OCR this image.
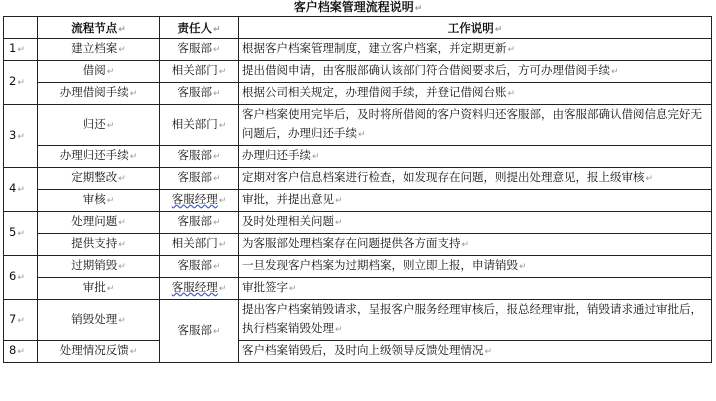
客户档案管理流程说明↵
	流程节点↵	责任人↵	工作说明↵
1↵	建立档案↵	客服部↵	根据客户档案管理制度，建立客户档案，并定期更新↵
2↵	借阅↵	相关部门↵	提出借阅申请，由客服部确认该部门符合借阅要求后，方可办理借阅手续↵
	办理借阅手续↵	客服部↵	根据公司相关规定，办理借阅手续，并登记借阅台账↵
3↵	归还↵	相关部门↵	客户档案使用完毕后，及时将所借阅的客户资料归还客服部，由客服部确认借阅信息完好无问题后，办理归还手续↵
	办理归还手续↵	客服部↵	办理归还手续↵
4↵	定期整改↵	客服部↵	定期对客户信息档案进行检查，如发现存在问题，则提出处理意见，报上级审核↵
	审核↵	客服经理↵	审批，并提出意见↵
5↵	处理问题↵	客服部↵	及时处理相关问题↵
	提供支持↵	相关部门↵	为客服部处理档案存在问题提供各方面支持↵
6↵	过期销毁↵	客服部↵	一旦发现客户档案为过期档案，则立即上报，申请销毁↵
	审批↵	客服经理↵	审批签字↵
7↵	销毁处理↵	客服部↵	提出客户档案销毁请求，呈报客户服务经理审核后，报总经理审批，销毁请求通过审批后，执行档案销毁处理↵
8↵	处理情况反馈↵		客户档案销毁后，及时向上级领导反馈处理情况↵
